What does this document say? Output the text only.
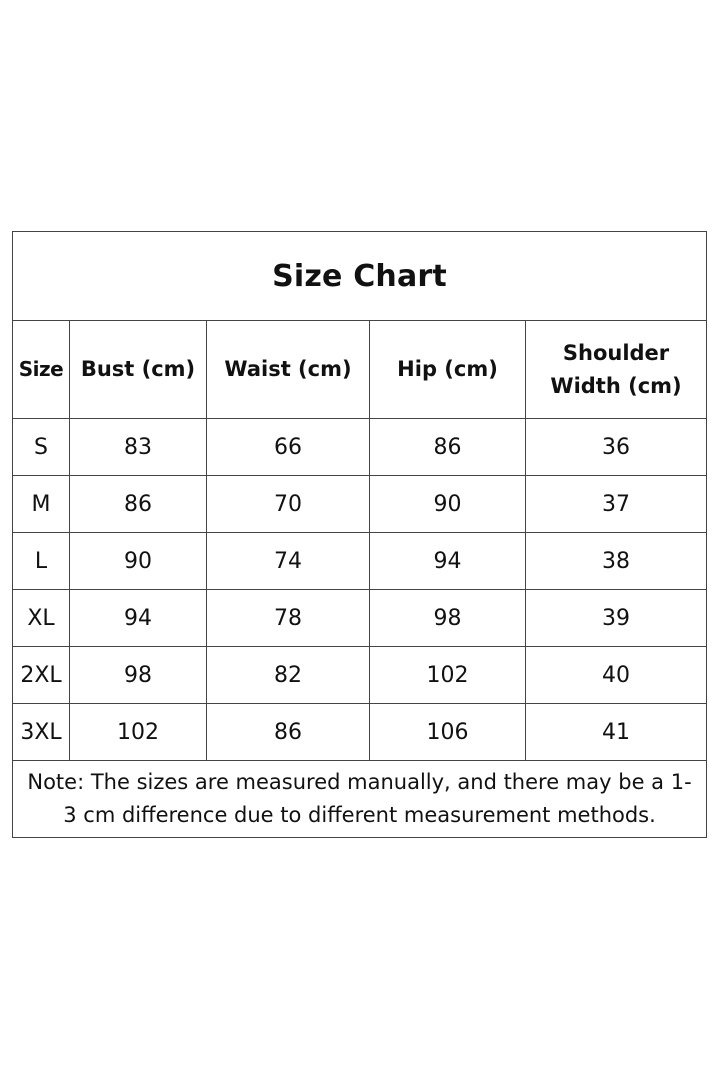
Size Chart				
Size	Bust (cm)	Waist (cm)	Hip (cm)	Shoulder Width (cm)
S	83	66	86	36
M	86	70	90	37
L	90	74	94	38
XL	94	78	98	39
2XL	98	82	102	40
3XL	102	86	106	41
Note: The sizes are measured manually, and there may be a 1-3 cm difference due to different measurement methods.				
